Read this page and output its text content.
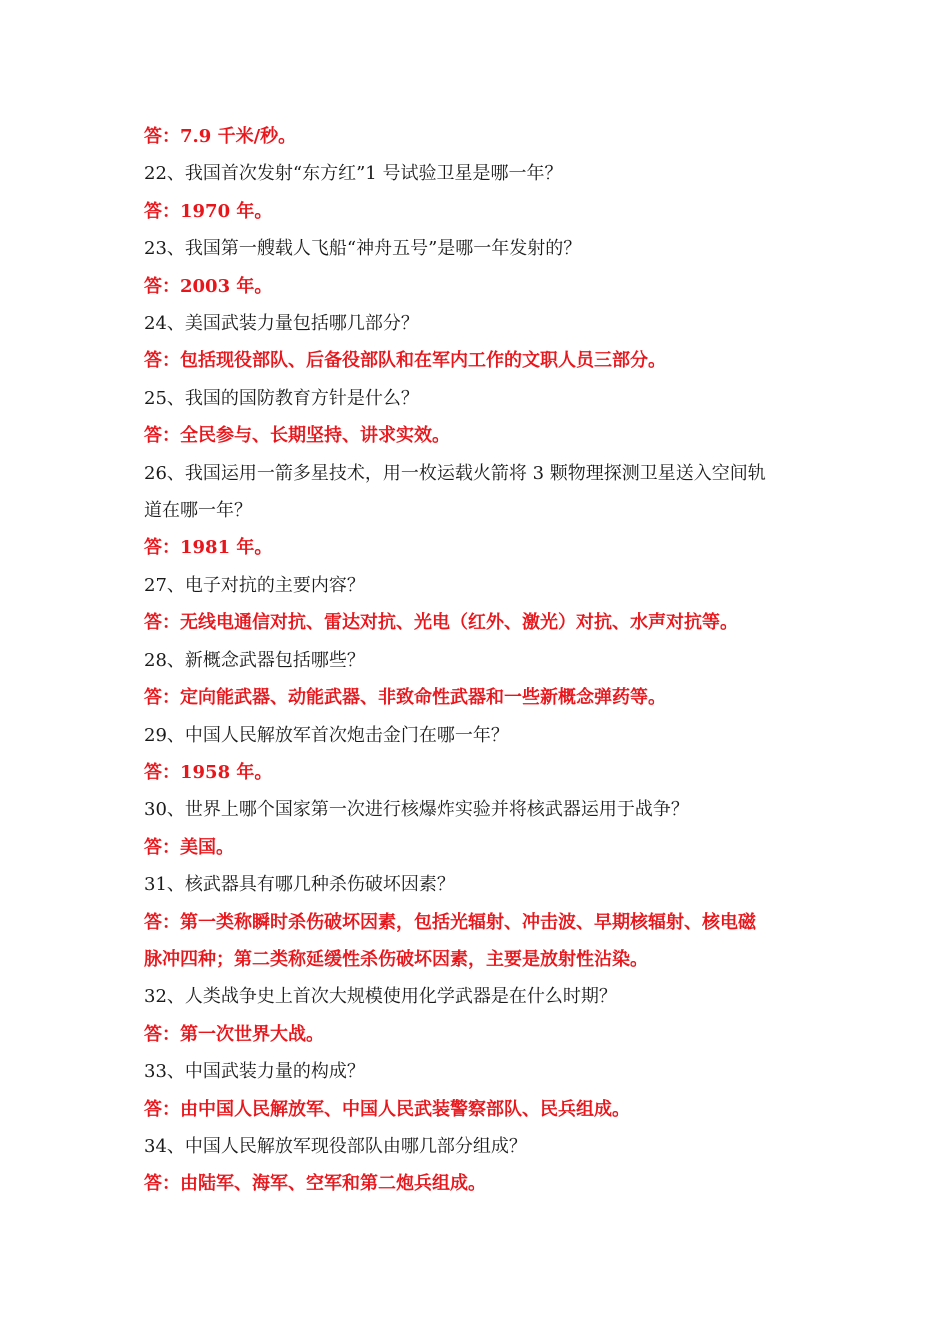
答：7.9 千米/秒。
22、我国首次发射“东方红”1 号试验卫星是哪一年？
答：1970 年。
23、我国第一艘载人飞船“神舟五号”是哪一年发射的？
答：2003 年。
24、美国武装力量包括哪几部分？
答：包括现役部队、后备役部队和在军内工作的文职人员三部分。
25、我国的国防教育方针是什么？
答：全民参与、长期坚持、讲求实效。
26、我国运用一箭多星技术，用一枚运载火箭将 3 颗物理探测卫星送入空间轨
道在哪一年？
答：1981 年。
27、电子对抗的主要内容？
答：无线电通信对抗、雷达对抗、光电（红外、激光）对抗、水声对抗等。
28、新概念武器包括哪些？
答：定向能武器、动能武器、非致命性武器和一些新概念弹药等。
29、中国人民解放军首次炮击金门在哪一年？
答：1958 年。
30、世界上哪个国家第一次进行核爆炸实验并将核武器运用于战争？
答：美国。
31、核武器具有哪几种杀伤破坏因素？
答：第一类称瞬时杀伤破坏因素，包括光辐射、冲击波、早期核辐射、核电磁
脉冲四种；第二类称延缓性杀伤破坏因素，主要是放射性沾染。
32、人类战争史上首次大规模使用化学武器是在什么时期？
答：第一次世界大战。
33、中国武装力量的构成？
答：由中国人民解放军、中国人民武装警察部队、民兵组成。
34、中国人民解放军现役部队由哪几部分组成？
答：由陆军、海军、空军和第二炮兵组成。
